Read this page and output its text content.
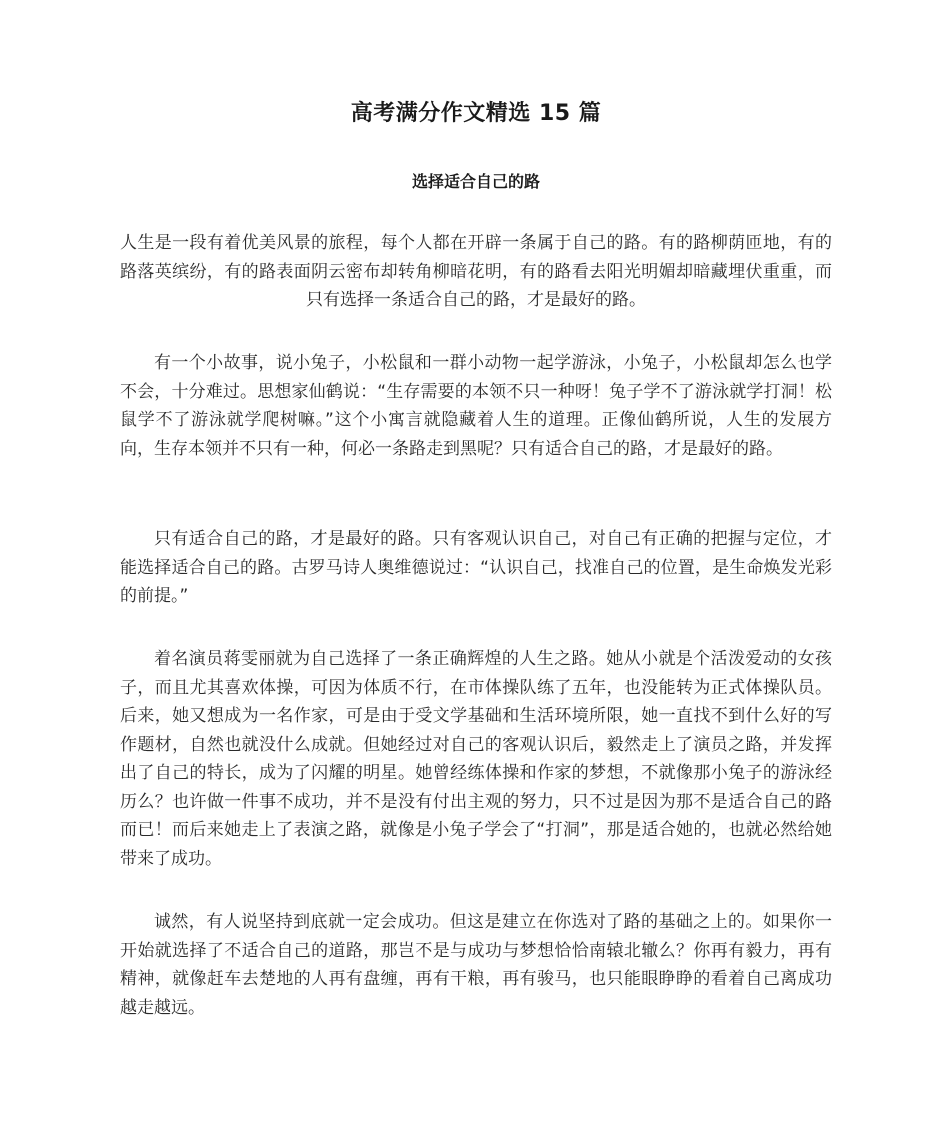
高考满分作文精选 15 篇
选择适合自己的路

人生是一段有着优美风景的旅程，每个人都在开辟一条属于自己的路。有的路柳荫匝地，有的路落英缤纷，有的路表面阴云密布却转角柳暗花明，有的路看去阳光明媚却暗藏埋伏重重，而只有选择一条适合自己的路，才是最好的路。

有一个小故事，说小兔子，小松鼠和一群小动物一起学游泳，小兔子，小松鼠却怎么也学不会，十分难过。思想家仙鹤说：“生存需要的本领不只一种呀！兔子学不了游泳就学打洞！松鼠学不了游泳就学爬树嘛。”这个小寓言就隐藏着人生的道理。正像仙鹤所说，人生的发展方向，生存本领并不只有一种，何必一条路走到黑呢？只有适合自己的路，才是最好的路。

只有适合自己的路，才是最好的路。只有客观认识自己，对自己有正确的把握与定位，才能选择适合自己的路。古罗马诗人奥维德说过：“认识自己，找准自己的位置，是生命焕发光彩的前提。”

着名演员蒋雯丽就为自己选择了一条正确辉煌的人生之路。她从小就是个活泼爱动的女孩子，而且尤其喜欢体操，可因为体质不行，在市体操队练了五年，也没能转为正式体操队员。后来，她又想成为一名作家，可是由于受文学基础和生活环境所限，她一直找不到什么好的写作题材，自然也就没什么成就。但她经过对自己的客观认识后，毅然走上了演员之路，并发挥出了自己的特长，成为了闪耀的明星。她曾经练体操和作家的梦想，不就像那小兔子的游泳经历么？也许做一件事不成功，并不是没有付出主观的努力，只不过是因为那不是适合自己的路而已！而后来她走上了表演之路，就像是小兔子学会了“打洞”，那是适合她的，也就必然给她带来了成功。

诚然，有人说坚持到底就一定会成功。但这是建立在你选对了路的基础之上的。如果你一开始就选择了不适合自己的道路，那岂不是与成功与梦想恰恰南辕北辙么？你再有毅力，再有精神，就像赶车去楚地的人再有盘缠，再有干粮，再有骏马，也只能眼睁睁的看着自己离成功越走越远。
